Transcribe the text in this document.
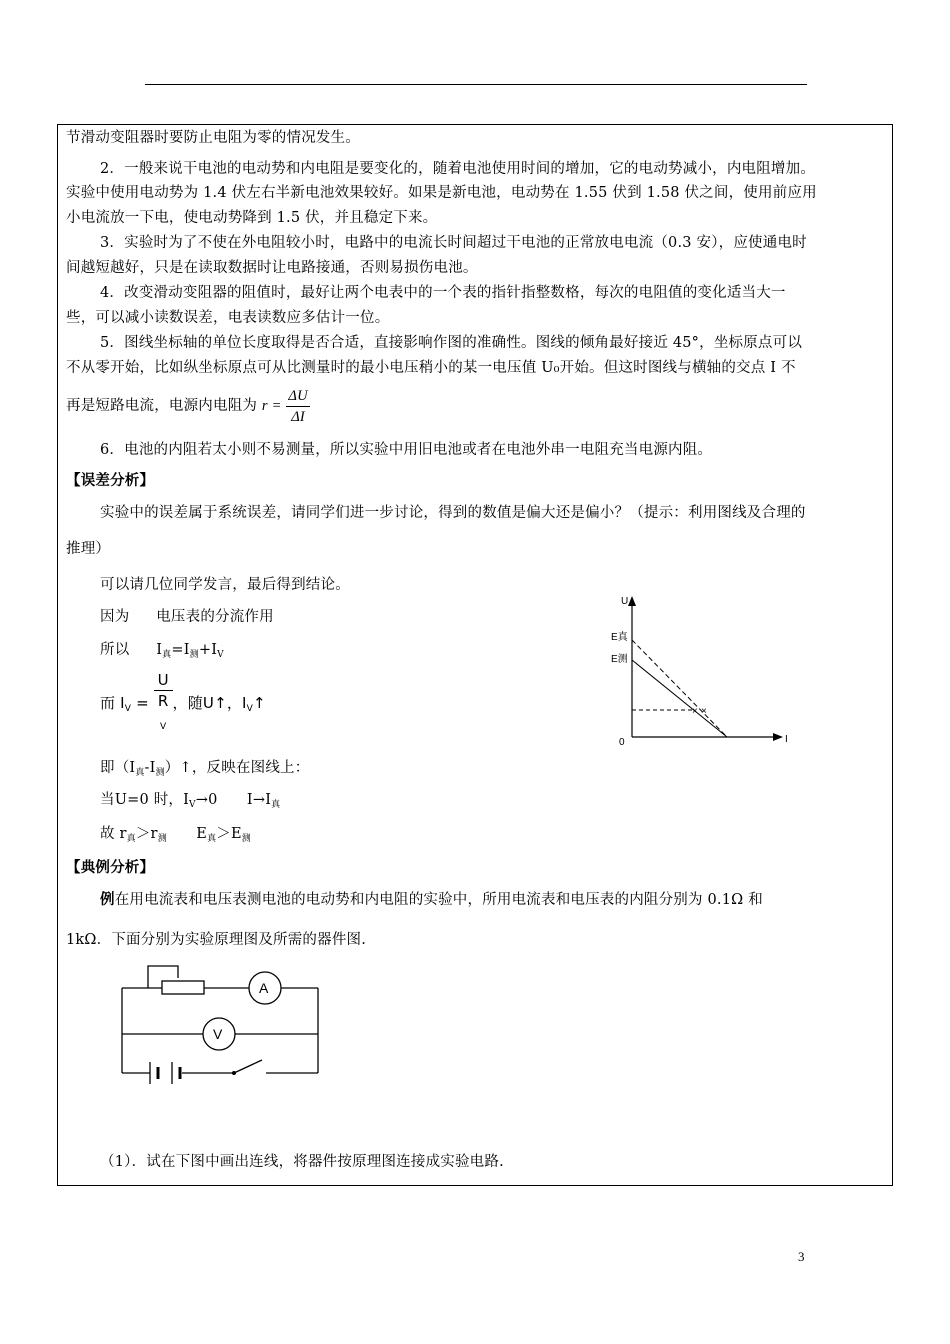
节滑动变阻器时要防止电阻为零的情况发生。
2．一般来说干电池的电动势和内电阻是要变化的，随着电池使用时间的增加，它的电动势减小，内电阻增加。
实验中使用电动势为 1.4 伏左右半新电池效果较好。如果是新电池，电动势在 1.55 伏到 1.58 伏之间，使用前应用
小电流放一下电，使电动势降到 1.5 伏，并且稳定下来。
3．实验时为了不使在外电阻较小时，电路中的电流长时间超过干电池的正常放电电流（0.3 安），应使通电时
间越短越好，只是在读取数据时让电路接通，否则易损伤电池。
4．改变滑动变阻器的阻值时，最好让两个电表中的一个表的指针指整数格，每次的电阻值的变化适当大一
些，可以减小读数误差，电表读数应多估计一位。
5．图线坐标轴的单位长度取得是否合适，直接影响作图的准确性。图线的倾角最好接近 45°，坐标原点可以
不从零开始，比如纵坐标原点可从比测量时的最小电压稍小的某一电压值 U₀开始。但这时图线与横轴的交点 I 不
再是短路电流，电源内电阻为 $r = \frac{\Delta U}{\Delta I}$
6．电池的内阻若太小则不易测量，所以实验中用旧电池或者在电池外串一电阻充当电源内阻。
【误差分析】
实验中的误差属于系统误差，请同学们进一步讨论，得到的数值是偏大还是偏小？（提示：利用图线及合理的
推理）
可以请几位同学发言，最后得到结论。
因为 电压表的分流作用
所以 $I_真=I_测+I_V$
而 $I_V = U$
R
$_V$ ，随U↑，$I_V↑$
即$(I_真-I_测)↑$，反映在图线上：
当U=0 时，$I_V\to 0$　　$I\to I_真$
故 $r_真>r_测$　　$E_真>E_测$
× ×
U
I
0
E真
E测
【典例分析】
例在用电流表和电压表测电池的电动势和内电阻的实验中，所用电流表和电压表的内阻分别为 0.1Ω 和
1kΩ．下面分别为实验原理图及所需的器件图.
A
V
（1）．试在下图中画出连线，将器件按原理图连接成实验电路.
3
